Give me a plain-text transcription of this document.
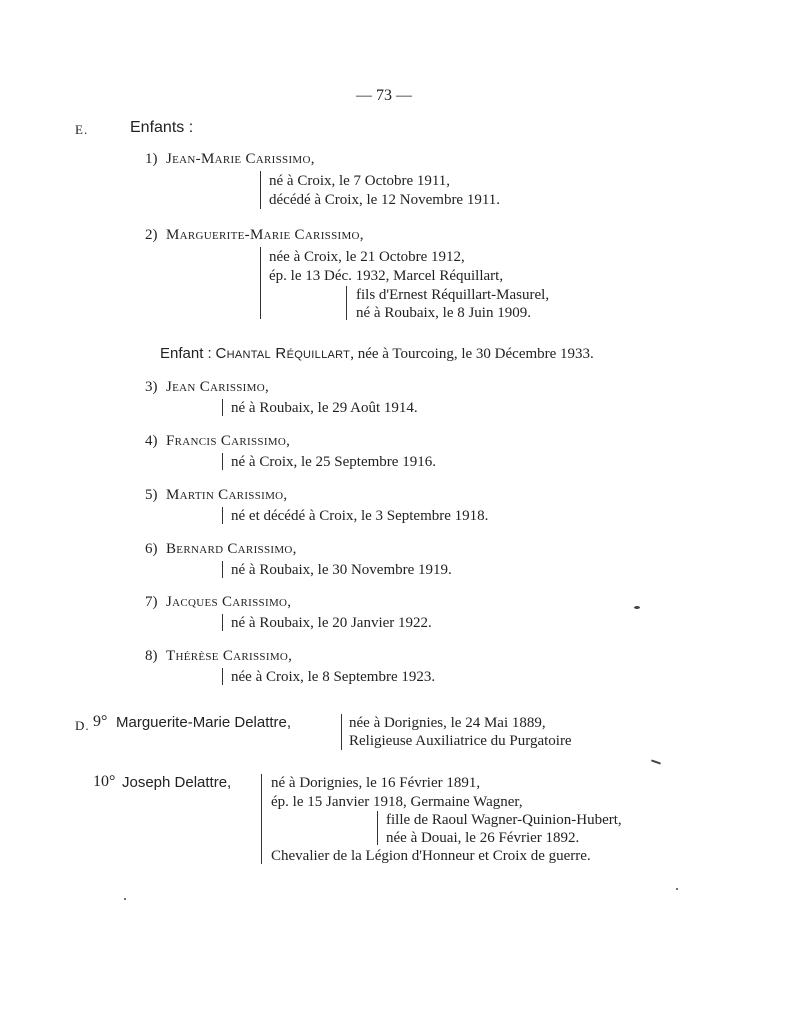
— 73 —
E.	Enfants :
1) Jean-Marie Carissimo,
né à Croix, le 7 Octobre 1911,
décédé à Croix, le 12 Novembre 1911.
2) Marguerite-Marie Carissimo,
née à Croix, le 21 Octobre 1912,
ép. le 13 Déc. 1932, Marcel Réquillart,
fils d'Ernest Réquillart-Masurel,
né à Roubaix, le 8 Juin 1909.
Enfant : Chantal Réquillart, née à Tourcoing, le 30 Décembre 1933.
3) Jean Carissimo,
né à Roubaix, le 29 Août 1914.
4) Francis Carissimo,
né à Croix, le 25 Septembre 1916.
5) Martin Carissimo,
né et décédé à Croix, le 3 Septembre 1918.
6) Bernard Carissimo,
né à Roubaix, le 30 Novembre 1919.
7) Jacques Carissimo,
né à Roubaix, le 20 Janvier 1922.
8) Thérèse Carissimo,
née à Croix, le 8 Septembre 1923.
D. 9° Marguerite-Marie Delattre,	née à Dorignies, le 24 Mai 1889,
Religieuse Auxiliatrice du Purgatoire
10° Joseph Delattre,	né à Dorignies, le 16 Février 1891,
ép. le 15 Janvier 1918, Germaine Wagner,
fille de Raoul Wagner-Quinion-Hubert,
née à Douai, le 26 Février 1892.
Chevalier de la Légion d'Honneur et Croix de guerre.
